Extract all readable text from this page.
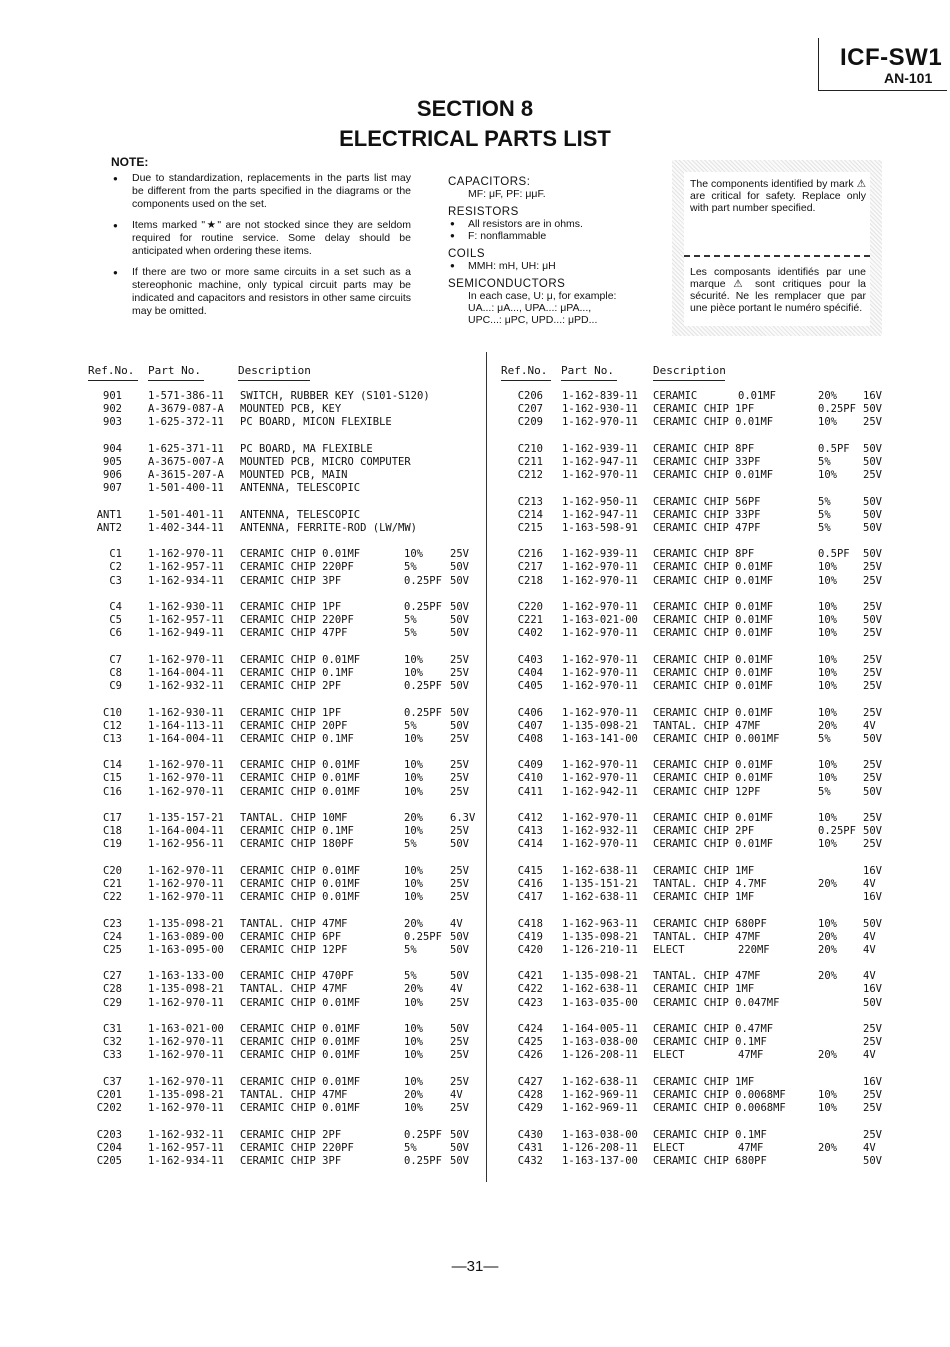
ICF-SW1
AN-101
SECTION 8
ELECTRICAL PARTS LIST
NOTE:
● Due to standardization, replacements in the parts list may be different from the parts specified in the diagrams or the components used on the set.
● Items marked "★" are not stocked since they are seldom required for routine service. Some delay should be anticipated when ordering these items.
● If there are two or more same circuits in a set such as a stereophonic machine, only typical circuit parts may be indicated and capacitors and resistors in other same circuits may be omitted.
CAPACITORS:
MF: μF, PF: μμF.
RESISTORS
● All resistors are in ohms.
● F: nonflammable
COILS
● MMH: mH, UH: μH
SEMICONDUCTORS
In each case, U: μ, for example:
UA...: μA..., UPA...: μPA...,
UPC...: μPC, UPD...: μPD...
The components identified by mark ⚠ are critical for safety. Replace only with part number specified.
Les composants identifiés par une marque ⚠ sont critiques pour la sécurité. Ne les remplacer que par une pièce portant le numéro spécifié.
Ref.No. Part No.	Description	Ref.No. Part No.	Description
901 1-571-386-11 SWITCH, RUBBER KEY (S101-S120)
902 A-3679-087-A MOUNTED PCB, KEY
903 1-625-372-11 PC BOARD, MICON FLEXIBLE
904 1-625-371-11 PC BOARD, MA FLEXIBLE
905 A-3675-007-A MOUNTED PCB, MICRO COMPUTER
906 A-3615-207-A MOUNTED PCB, MAIN
907 1-501-400-11 ANTENNA, TELESCOPIC
ANT1 1-501-401-11 ANTENNA, TELESCOPIC
ANT2 1-402-344-11 ANTENNA, FERRITE-ROD (LW/MW)
C1 1-162-970-11 CERAMIC CHIP 0.01MF	10%	25V
C2 1-162-957-11 CERAMIC CHIP 220PF	5%	50V
C3 1-162-934-11 CERAMIC CHIP 3PF	0.25PF 50V
C4 1-162-930-11 CERAMIC CHIP 1PF	0.25PF 50V
C5 1-162-957-11 CERAMIC CHIP 220PF	5%	50V
C6 1-162-949-11 CERAMIC CHIP 47PF	5%	50V
C7 1-162-970-11 CERAMIC CHIP 0.01MF	10%	25V
C8 1-164-004-11 CERAMIC CHIP 0.1MF	10%	25V
C9 1-162-932-11 CERAMIC CHIP 2PF	0.25PF 50V
C10 1-162-930-11 CERAMIC CHIP 1PF	0.25PF 50V
C12 1-164-113-11 CERAMIC CHIP 20PF	5%	50V
C13 1-164-004-11 CERAMIC CHIP 0.1MF	10%	25V
C14 1-162-970-11 CERAMIC CHIP 0.01MF	10%	25V
C15 1-162-970-11 CERAMIC CHIP 0.01MF	10%	25V
C16 1-162-970-11 CERAMIC CHIP 0.01MF	10%	25V
C17 1-135-157-21 TANTAL. CHIP 10MF	20%	6.3V
C18 1-164-004-11 CERAMIC CHIP 0.1MF	10%	25V
C19 1-162-956-11 CERAMIC CHIP 180PF	5%	50V
C20 1-162-970-11 CERAMIC CHIP 0.01MF	10%	25V
C21 1-162-970-11 CERAMIC CHIP 0.01MF	10%	25V
C22 1-162-970-11 CERAMIC CHIP 0.01MF	10%	25V
C23 1-135-098-21 TANTAL. CHIP 47MF	20%	4V
C24 1-163-089-00 CERAMIC CHIP 6PF	0.25PF 50V
C25 1-163-095-00 CERAMIC CHIP 12PF	5%	50V
C27 1-163-133-00 CERAMIC CHIP 470PF	5%	50V
C28 1-135-098-21 TANTAL. CHIP 47MF	20%	4V
C29 1-162-970-11 CERAMIC CHIP 0.01MF	10%	25V
C31 1-163-021-00 CERAMIC CHIP 0.01MF	10%	50V
C32 1-162-970-11 CERAMIC CHIP 0.01MF	10%	25V
C33 1-162-970-11 CERAMIC CHIP 0.01MF	10%	25V
C37 1-162-970-11 CERAMIC CHIP 0.01MF	10%	25V
C201 1-135-098-21 TANTAL. CHIP 47MF	20%	4V
C202 1-162-970-11 CERAMIC CHIP 0.01MF	10%	25V
C203 1-162-932-11 CERAMIC CHIP 2PF	0.25PF 50V
C204 1-162-957-11 CERAMIC CHIP 220PF	5%	50V
C205 1-162-934-11 CERAMIC CHIP 3PF	0.25PF 50V
C206 1-162-839-11 CERAMIC	0.01MF	20% 16V
C207 1-162-930-11 CERAMIC CHIP 1PF	0.25PF 50V
C209 1-162-970-11 CERAMIC CHIP 0.01MF	10% 25V
C210 1-162-939-11 CERAMIC CHIP 8PF	0.5PF 50V
C211 1-162-947-11 CERAMIC CHIP 33PF	5%	50V
C212 1-162-970-11 CERAMIC CHIP 0.01MF	10% 25V
C213 1-162-950-11 CERAMIC CHIP 56PF	5%	50V
C214 1-162-947-11 CERAMIC CHIP 33PF	5%	50V
C215 1-163-598-91 CERAMIC CHIP 47PF	5%	50V
C216 1-162-939-11 CERAMIC CHIP 8PF	0.5PF 50V
C217 1-162-970-11 CERAMIC CHIP 0.01MF	10% 25V
C218 1-162-970-11 CERAMIC CHIP 0.01MF	10% 25V
C220 1-162-970-11 CERAMIC CHIP 0.01MF	10% 25V
C221 1-163-021-00 CERAMIC CHIP 0.01MF	10% 50V
C402 1-162-970-11 CERAMIC CHIP 0.01MF	10% 25V
C403 1-162-970-11 CERAMIC CHIP 0.01MF	10% 25V
C404 1-162-970-11 CERAMIC CHIP 0.01MF	10% 25V
C405 1-162-970-11 CERAMIC CHIP 0.01MF	10% 25V
C406 1-162-970-11 CERAMIC CHIP 0.01MF	10% 25V
C407 1-135-098-21 TANTAL. CHIP 47MF	20% 4V
C408 1-163-141-00 CERAMIC CHIP 0.001MF	5%	50V
C409 1-162-970-11 CERAMIC CHIP 0.01MF	10% 25V
C410 1-162-970-11 CERAMIC CHIP 0.01MF	10% 25V
C411 1-162-942-11 CERAMIC CHIP 12PF	5%	50V
C412 1-162-970-11 CERAMIC CHIP 0.01MF	10% 25V
C413 1-162-932-11 CERAMIC CHIP 2PF	0.25PF 50V
C414 1-162-970-11 CERAMIC CHIP 0.01MF	10% 25V
C415 1-162-638-11 CERAMIC CHIP 1MF	16V
C416 1-135-151-21 TANTAL. CHIP 4.7MF	20% 4V
C417 1-162-638-11 CERAMIC CHIP 1MF	16V
C418 1-162-963-11 CERAMIC CHIP 680PF	10% 50V
C419 1-135-098-21 TANTAL. CHIP 47MF	20% 4V
C420 1-126-210-11 ELECT	220MF	20% 4V
C421 1-135-098-21 TANTAL. CHIP 47MF	20% 4V
C422 1-162-638-11 CERAMIC CHIP 1MF	16V
C423 1-163-035-00 CERAMIC CHIP 0.047MF	50V
C424 1-164-005-11 CERAMIC CHIP 0.47MF	25V
C425 1-163-038-00 CERAMIC CHIP 0.1MF	25V
C426 1-126-208-11 ELECT	47MF	20% 4V
C427 1-162-638-11 CERAMIC CHIP 1MF	16V
C428 1-162-969-11 CERAMIC CHIP 0.0068MF	10% 25V
C429 1-162-969-11 CERAMIC CHIP 0.0068MF	10% 25V
C430 1-163-038-00 CERAMIC CHIP 0.1MF	25V
C431 1-126-208-11 ELECT	47MF	20% 4V
C432 1-163-137-00 CERAMIC CHIP 680PF	50V
—31—
